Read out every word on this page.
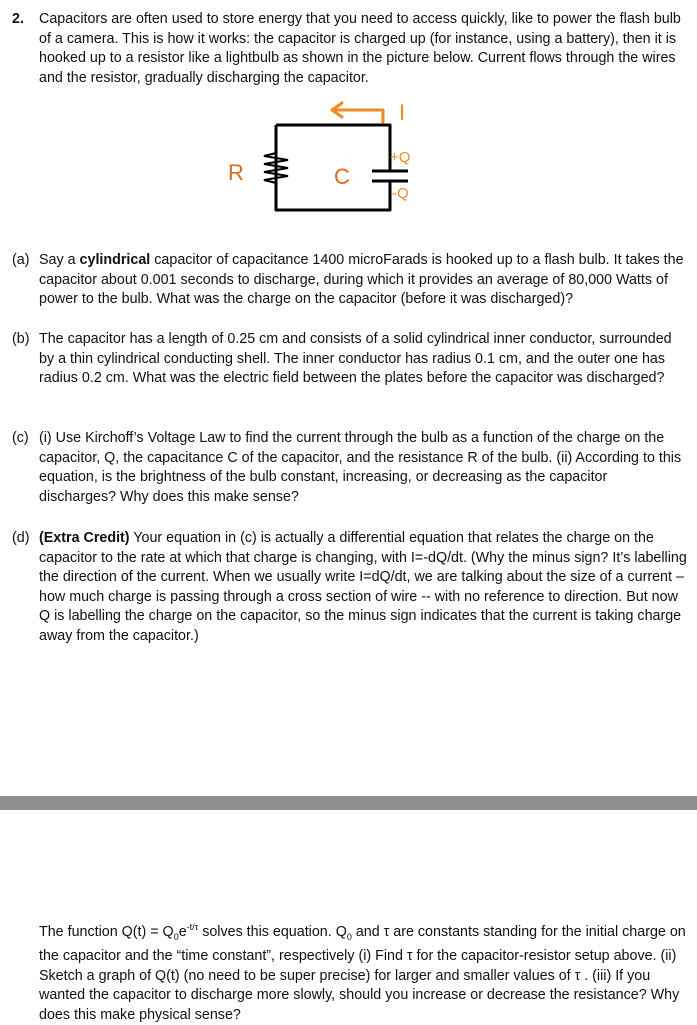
2. Capacitors are often used to store energy that you need to access quickly, like to power the flash bulb of a camera. This is how it works: the capacitor is charged up (for instance, using a battery), then it is hooked up to a resistor like a lightbulb as shown in the picture below. Current flows through the wires and the resistor, gradually discharging the capacitor.

I
R	C
+Q
-Q
(a) Say a cylindrical capacitor of capacitance 1400 microFarads is hooked up to a flash bulb. It takes the capacitor about 0.001 seconds to discharge, during which it provides an average of 80,000 Watts of power to the bulb. What was the charge on the capacitor (before it was discharged)?

(b) The capacitor has a length of 0.25 cm and consists of a solid cylindrical inner conductor, surrounded by a thin cylindrical conducting shell. The inner conductor has radius 0.1 cm, and the outer one has radius 0.2 cm. What was the electric field between the plates before the capacitor was discharged?

(c) (i) Use Kirchoff’s Voltage Law to find the current through the bulb as a function of the charge on the capacitor, Q, the capacitance C of the capacitor, and the resistance R of the bulb. (ii) According to this equation, is the brightness of the bulb constant, increasing, or decreasing as the capacitor discharges? Why does this make sense?

(d) (Extra Credit) Your equation in (c) is actually a differential equation that relates the charge on the capacitor to the rate at which that charge is changing, with I=-dQ/dt. (Why the minus sign? It’s labelling the direction of the current. When we usually write I=dQ/dt, we are talking about the size of a current – how much charge is passing through a cross section of wire -- with no reference to direction. But now Q is labelling the charge on the capacitor, so the minus sign indicates that the current is taking charge away from the capacitor.)

The function $Q(t) = Q_0e^{-t/\tau}$ solves this equation. $Q_0$ and τ are constants standing for the initial charge on the capacitor and the “time constant”, respectively (i) Find τ for the capacitor-resistor setup above. (ii) Sketch a graph of Q(t) (no need to be super precise) for larger and smaller values of τ . (iii) If you wanted the capacitor to discharge more slowly, should you increase or decrease the resistance? Why does this make physical sense?
